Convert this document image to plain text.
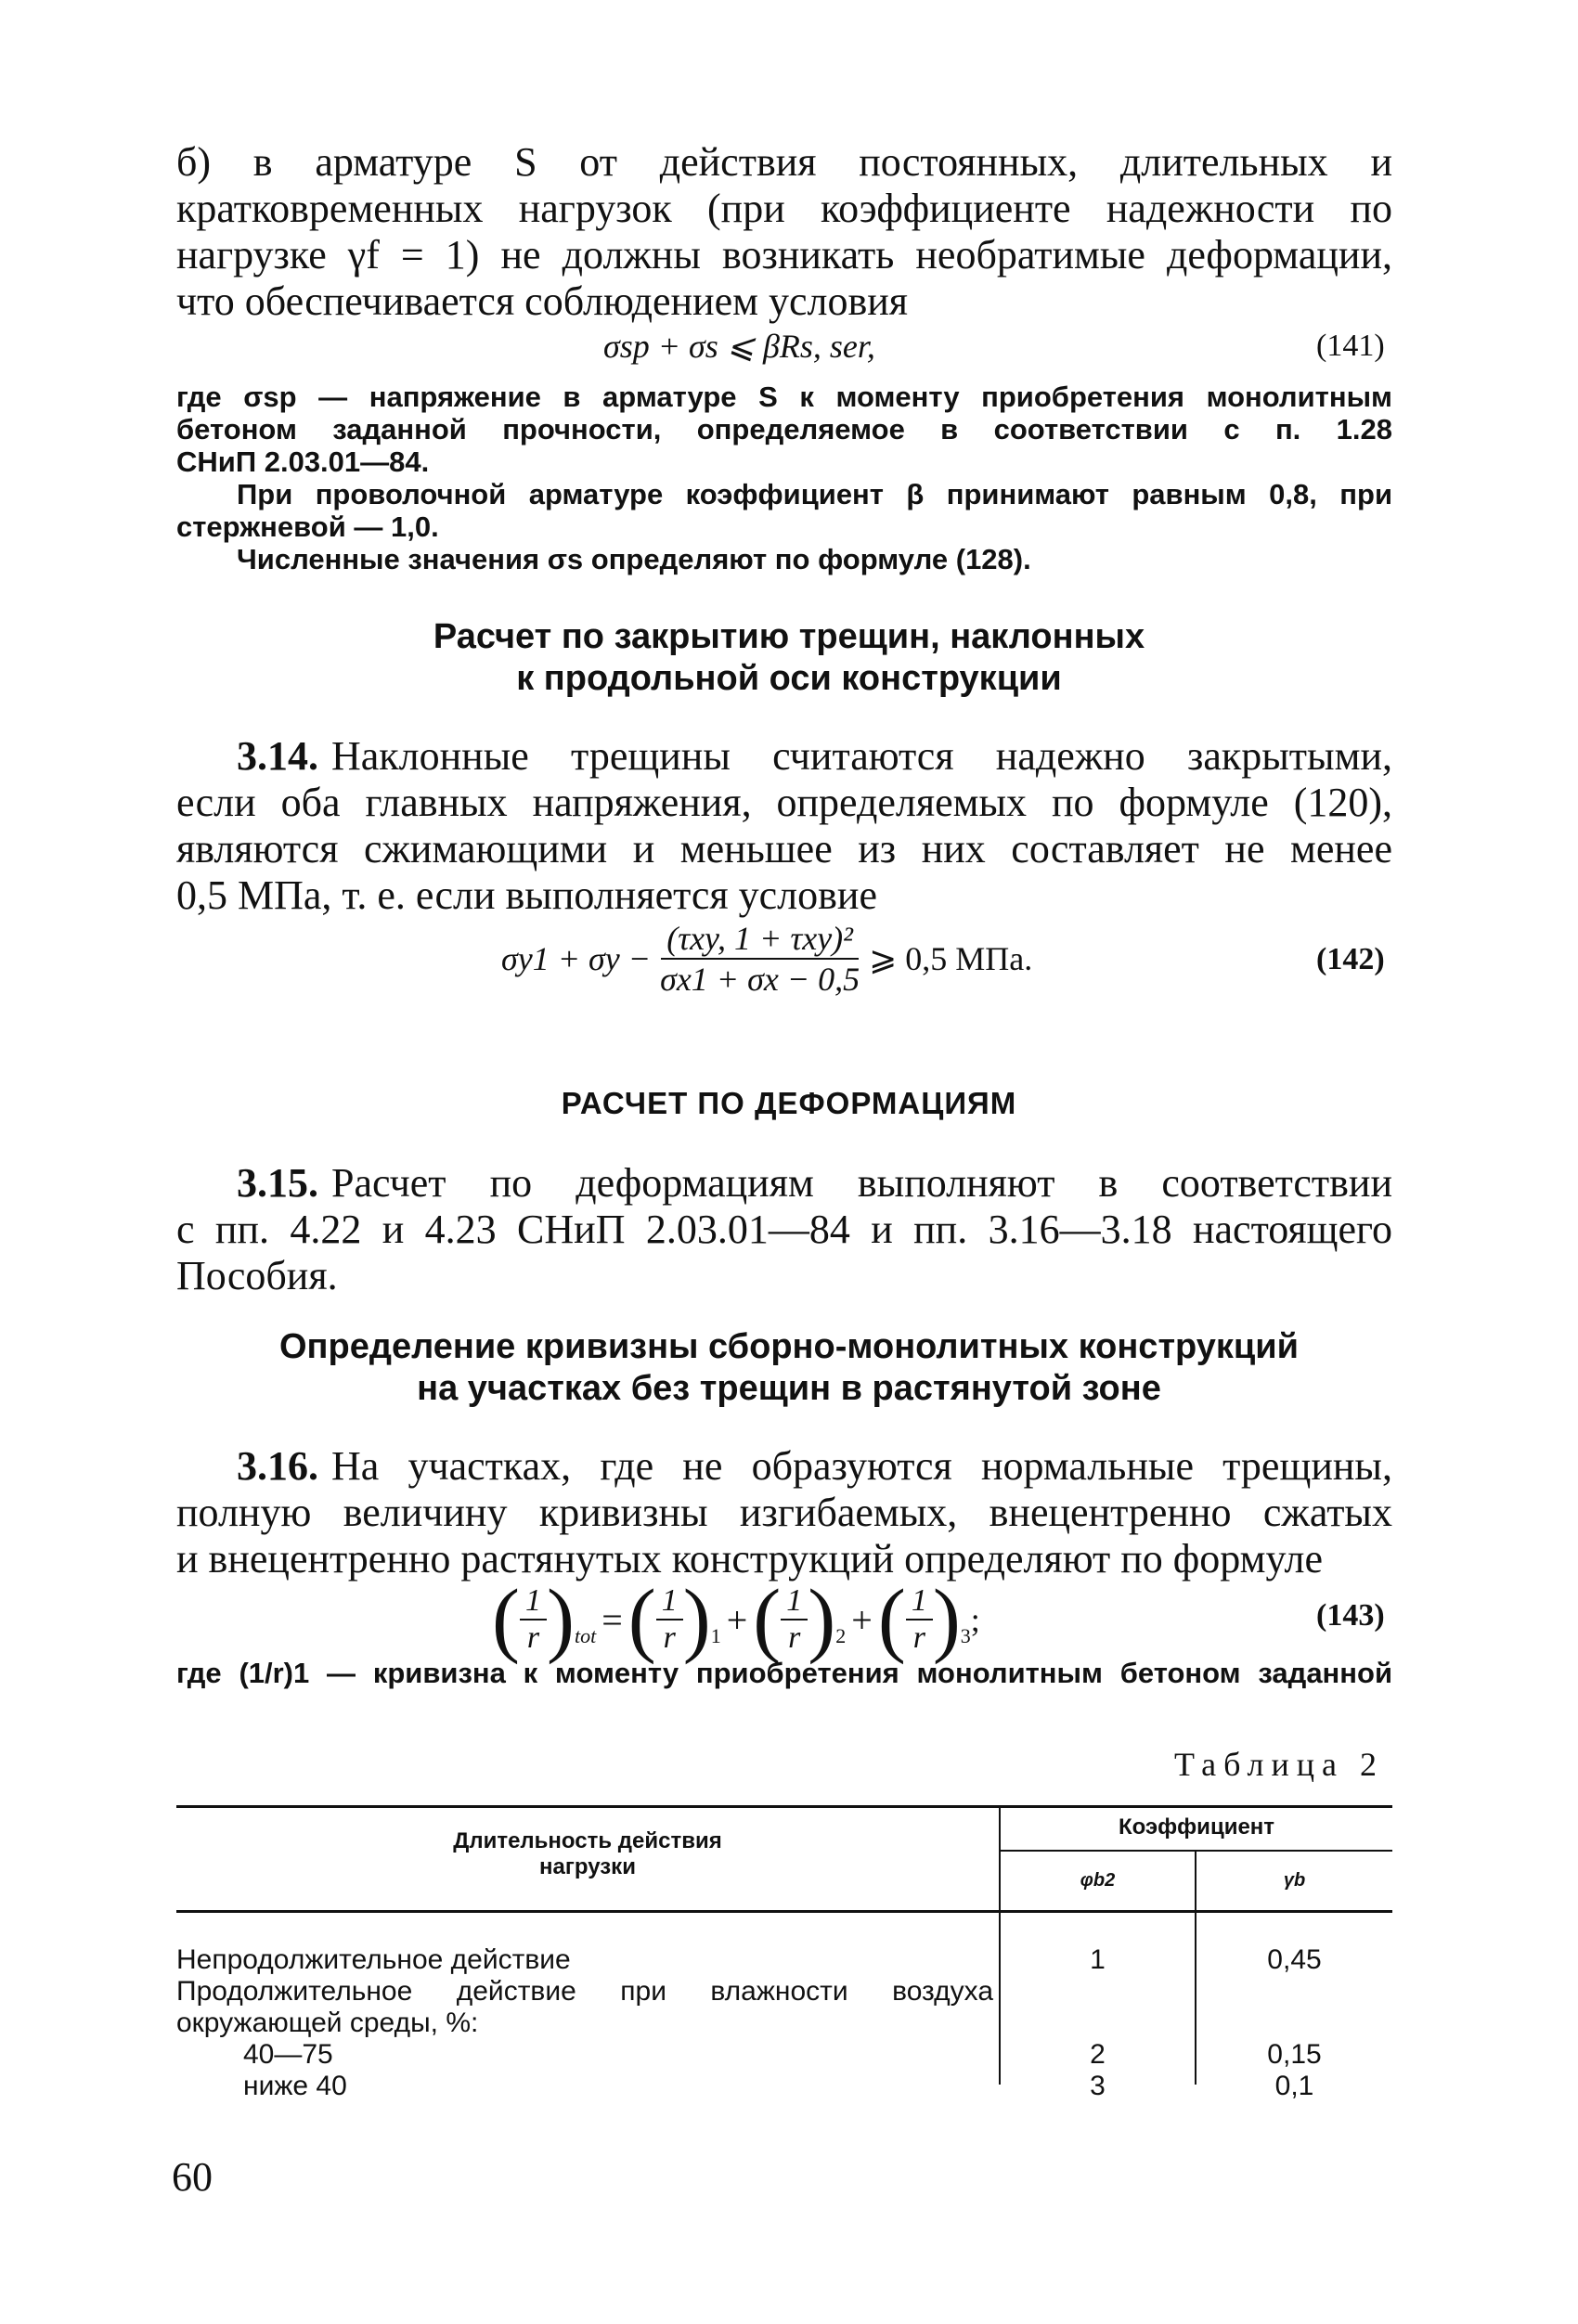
б) в арматуре S от действия постоянных, длительных и
кратковременных нагрузок (при коэффициенте надежности по
нагрузке γf = 1) не должны возникать необратимые деформации,
что обеспечивается соблюдением условия
σsp + σs ⩽ βRs, ser,	(141)
где σsp — напряжение в арматуре S к моменту приобретения монолитным
бетоном заданной прочности, определяемое в соответствии с п. 1.28
СНиП 2.03.01—84.
При проволочной арматуре коэффициент β принимают равным 0,8, при
стержневой — 1,0.
Численные значения σs определяют по формуле (128).
Расчет по закрытию трещин, наклонных
к продольной оси конструкции
3.14. Наклонные трещины считаются надежно закрытыми,
если оба главных напряжения, определяемых по формуле (120),
являются сжимающими и меньшее из них составляет не менее
0,5 МПа, т. е. если выполняется условие
$\sigma y1 + \sigma y - \frac{\text{(τxy, 1 + τxy)²}}{\sigma x1 + \sigma x - 0,5}$ ⩾ 0,5 МПа.	(142)
РАСЧЕТ ПО ДЕФОРМАЦИЯМ
3.15. Расчет по деформациям выполняют в соответствии
с пп. 4.22 и 4.23 СНиП 2.03.01—84 и пп. 3.16—3.18 настоящего
Пособия.
Определение кривизны сборно-монолитных конструкций
на участках без трещин в растянутой зоне
3.16. На участках, где не образуются нормальные трещины,
полную величину кривизны изгибаемых, внецентренно сжатых
и внецентренно растянутых конструкций определяют по формуле
( $\frac{1}{r}$ ) tot = ( $\frac{1}{r}$ ) 1 + ( $\frac{1}{r}$ ) 2 + ( $\frac{1}{r}$ ) 3 ;	(143)
где (1/r)1 — кривизна к моменту приобретения монолитным бетоном заданной
Таблица 2
Длительность действия
нагрузки
Коэффициент
φb2	γb
Непродолжительное действие	1	0,45
Продолжительное действие при влажности воздуха
окружающей среды, %:
40—75	2	0,15
ниже 40	3	0,1
60
